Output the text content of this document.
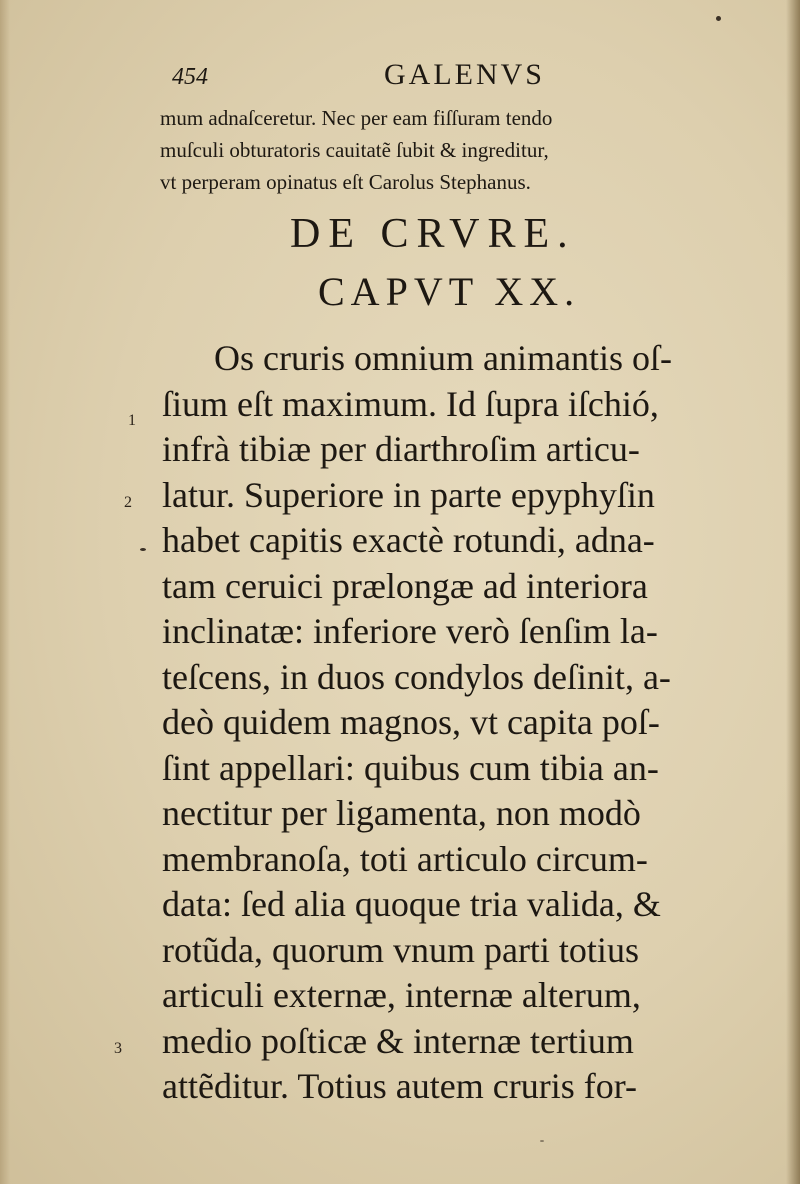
454	GALENVS
mum adnaſceretur. Nec per eam fiſſuram tendo
muſculi obturatoris cauitatẽ ſubit & ingreditur,
vt perperam opinatus eſt Carolus Stephanus.
DE CRVRE.
CAPVT XX.
Os cruris omnium animantis oſ-
ſium eſt maximum. Id ſupra iſchió,
infrà tibiæ per diarthroſim articu-
latur. Superiore in parte epyphyſin
habet capitis exactè rotundi, adna-
tam ceruici prælongæ ad interiora
inclinatæ: inferiore verò ſenſim la-
teſcens, in duos condylos deſinit, a-
deò quidem magnos, vt capita poſ-
ſint appellari: quibus cum tibia an-
nectitur per ligamenta, non modò
membranoſa, toti articulo circum-
data: ſed alia quoque tria valida, &
rotũda, quorum vnum parti totius
articuli externæ, internæ alterum,
medio poſticæ & internæ tertium
attẽditur. Totius autem cruris for-
1
2
3
